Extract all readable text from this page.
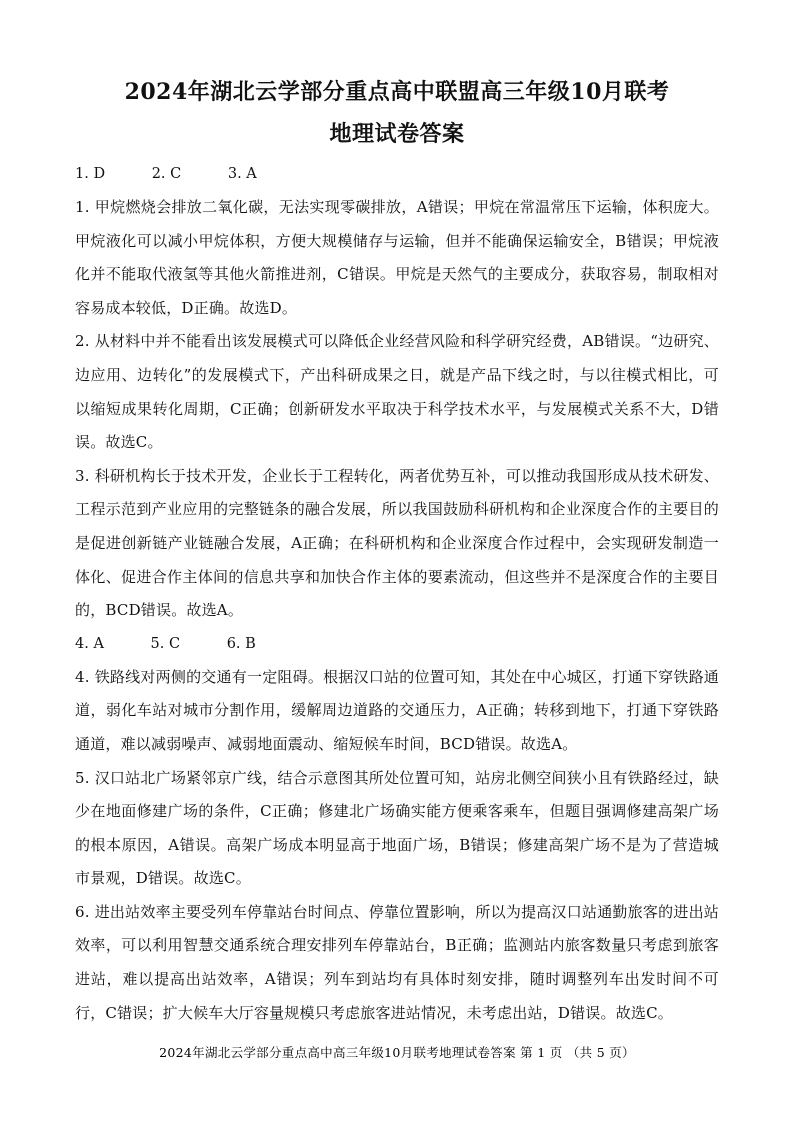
2024年湖北云学部分重点高中联盟高三年级10月联考
地理试卷答案
1. D	2. C	3. A

1. 甲烷燃烧会排放二氧化碳，无法实现零碳排放，A错误；甲烷在常温常压下运输，体积庞大。甲烷液化可以减小甲烷体积，方便大规模储存与运输，但并不能确保运输安全，B错误；甲烷液化并不能取代液氢等其他火箭推进剂，C错误。甲烷是天然气的主要成分，获取容易，制取相对容易成本较低，D正确。故选D。

2. 从材料中并不能看出该发展模式可以降低企业经营风险和科学研究经费，AB错误。“边研究、边应用、边转化”的发展模式下，产出科研成果之日，就是产品下线之时，与以往模式相比，可以缩短成果转化周期，C正确；创新研发水平取决于科学技术水平，与发展模式关系不大，D错误。故选C。

3. 科研机构长于技术开发，企业长于工程转化，两者优势互补，可以推动我国形成从技术研发、工程示范到产业应用的完整链条的融合发展，所以我国鼓励科研机构和企业深度合作的主要目的是促进创新链产业链融合发展，A正确；在科研机构和企业深度合作过程中，会实现研发制造一体化、促进合作主体间的信息共享和加快合作主体的要素流动，但这些并不是深度合作的主要目的，BCD错误。故选A。

4. A	5. C	6. B

4. 铁路线对两侧的交通有一定阻碍。根据汉口站的位置可知，其处在中心城区，打通下穿铁路通道，弱化车站对城市分割作用，缓解周边道路的交通压力，A正确；转移到地下，打通下穿铁路通道，难以减弱噪声、减弱地面震动、缩短候车时间，BCD错误。故选A。

5. 汉口站北广场紧邻京广线，结合示意图其所处位置可知，站房北侧空间狭小且有铁路经过，缺少在地面修建广场的条件，C正确；修建北广场确实能方便乘客乘车，但题目强调修建高架广场的根本原因，A错误。高架广场成本明显高于地面广场，B错误；修建高架广场不是为了营造城市景观，D错误。故选C。

6. 进出站效率主要受列车停靠站台时间点、停靠位置影响，所以为提高汉口站通勤旅客的进出站效率，可以利用智慧交通系统合理安排列车停靠站台，B正确；监测站内旅客数量只考虑到旅客进站，难以提高出站效率，A错误；列车到站均有具体时刻安排，随时调整列车出发时间不可行，C错误；扩大候车大厅容量规模只考虑旅客进站情况，未考虑出站，D错误。故选C。

2024年湖北云学部分重点高中高三年级10月联考地理试卷答案 第 1 页 （共 5 页）
